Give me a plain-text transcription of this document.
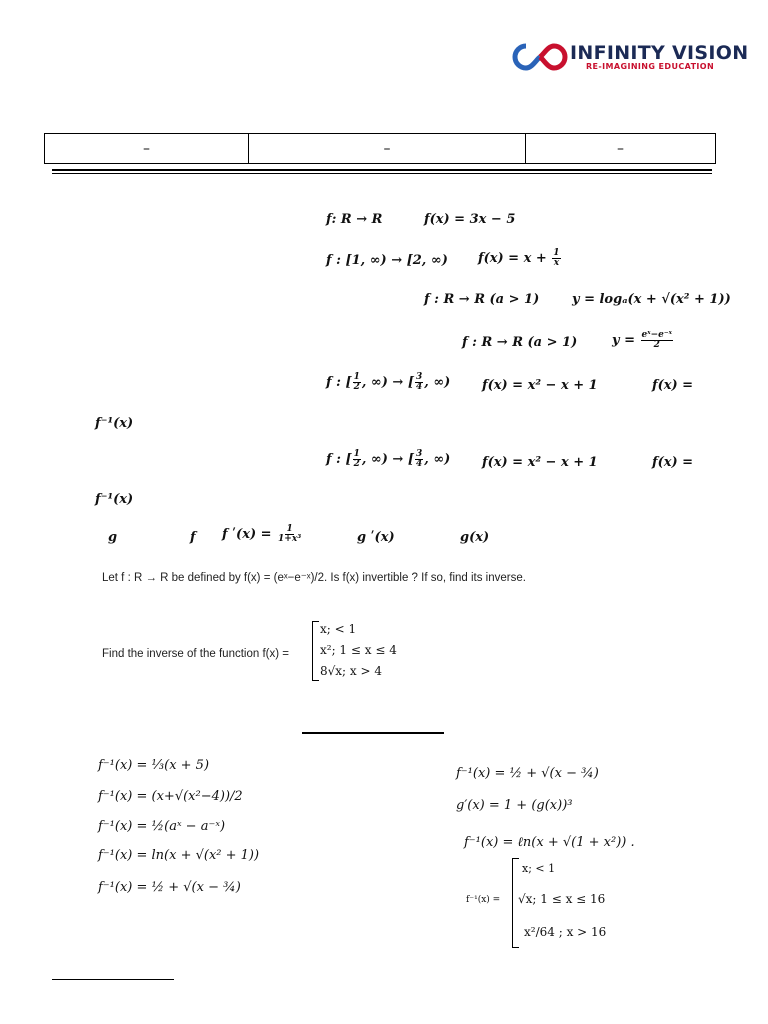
INFINITY VISION
RE-IMAGINING EDUCATION
–	–	–
f: R → R	f(x) = 3x − 5
f : [1, ∞) → [2, ∞) $f(x) = x + \frac{1}{x}$
f : R → R (a > 1)	y = logₐ(x + √(x² + 1))
f : R → R (a > 1)	$y = \frac{\text{eˣ−e⁻ˣ}}{2}$
f : [ $\frac{1}{2}$ , ∞) → [ $\frac{3}{4}$ , ∞) f(x) = x² − x + 1	f(x) =
f⁻¹(x)
f : [ $\frac{1}{2}$ , ∞) → [ $\frac{3}{4}$ , ∞) f(x) = x² − x + 1	f(x) =
f⁻¹(x)
g	f f ʹ(x) = $\frac{1}{\text{1+x³}}$	g ʹ(x)	g(x)
Let f : R → R be defined by f(x) = (eˣ−e⁻ˣ)/2. Is f(x) invertible ? If so, find its inverse.
Find the inverse of the function f(x) =
x; < 1
x²; 1 ≤ x ≤ 4
8√x; x > 4
f⁻¹(x) = ⅓(x + 5)
f⁻¹(x) = (x+√(x²−4))/2
f⁻¹(x) = ½(aˣ − a⁻ˣ)
f⁻¹(x) = ln(x + √(x² + 1))
f⁻¹(x) = ½ + √(x − ¾)
f⁻¹(x) = ½ + √(x − ¾)
g′(x) = 1 + (g(x))³
f⁻¹(x) = ℓn(x + √(1 + x²)) .
f⁻¹(x) =
x; < 1
√x; 1 ≤ x ≤ 16
x²/64 ; x > 16
